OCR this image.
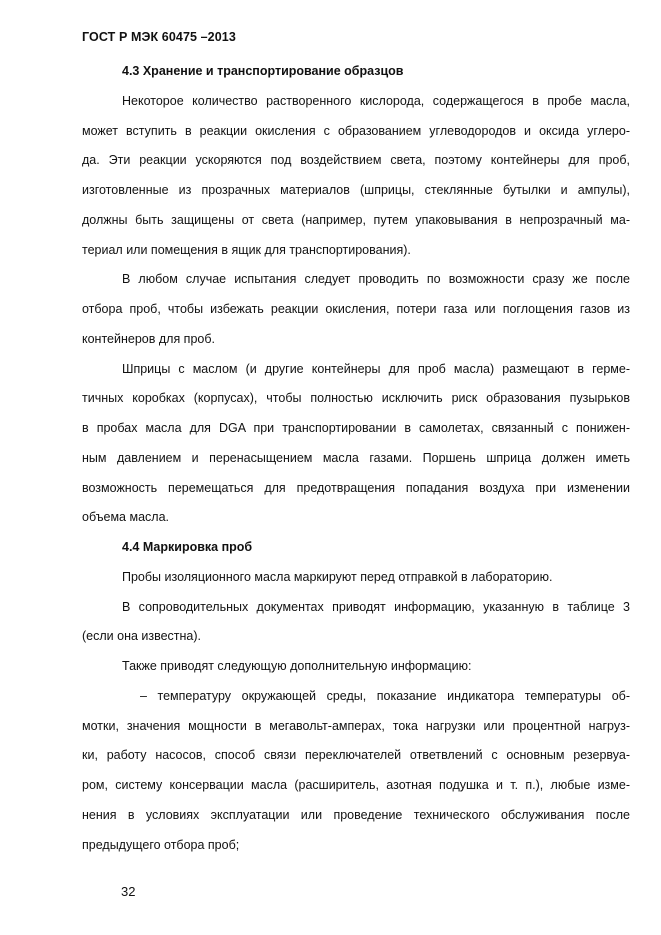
ГОСТ Р МЭК 60475 –2013
4.3 Хранение и транспортирование образцов
Некоторое количество растворенного кислорода, содержащегося в пробе масла,
может вступить в реакции окисления с образованием углеводородов и оксида углеро-
да. Эти реакции ускоряются под воздействием света, поэтому контейнеры для проб,
изготовленные из прозрачных материалов (шприцы, стеклянные бутылки и ампулы),
должны быть защищены от света (например, путем упаковывания в непрозрачный ма-
териал или помещения в ящик для транспортирования).
В любом случае испытания следует проводить по возможности сразу же после
отбора проб, чтобы избежать реакции окисления, потери газа или поглощения газов из
контейнеров для проб.
Шприцы с маслом (и другие контейнеры для проб масла) размещают в герме-
тичных коробках (корпусах), чтобы полностью исключить риск образования пузырьков
в пробах масла для DGA при транспортировании в самолетах, связанный с понижен-
ным давлением и перенасыщением масла газами. Поршень шприца должен иметь
возможность перемещаться для предотвращения попадания воздуха при изменении
объема масла.
4.4 Маркировка проб
Пробы изоляционного масла маркируют перед отправкой в лабораторию.
В сопроводительных документах приводят информацию, указанную в таблице 3
(если она известна).
Также приводят следующую дополнительную информацию:
– температуру окружающей среды, показание индикатора температуры об-
мотки, значения мощности в мегавольт-амперах, тока нагрузки или процентной нагруз-
ки, работу насосов, способ связи переключателей ответвлений с основным резервуа-
ром, систему консервации масла (расширитель, азотная подушка и т. п.), любые изме-
нения в условиях эксплуатации или проведение технического обслуживания после
предыдущего отбора проб;
32
